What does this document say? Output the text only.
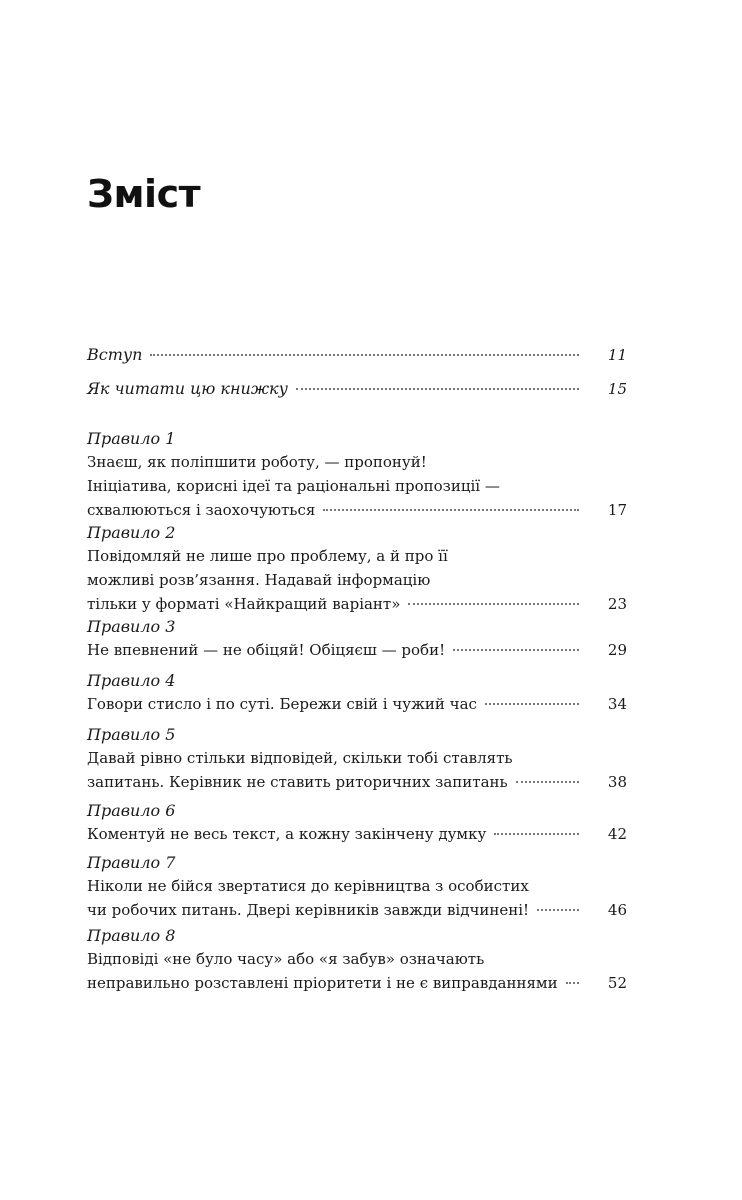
Зміст
Вступ	11
Як читати цю книжку	15
Правило 1
Знаєш, як поліпшити роботу, — пропонуй!
Ініціатива, корисні ідеї та раціональні пропозиції —
схвалюються і заохочуються	17
Правило 2
Повідомляй не лише про проблему, а й про її
можливі розв’язання. Надавай інформацію
тільки у форматі «Найкращий варіант»	23
Правило 3
Не впевнений — не обіцяй! Обіцяєш — роби!	29
Правило 4
Говори стисло і по суті. Бережи свій і чужий час	34
Правило 5
Давай рівно стільки відповідей, скільки тобі ставлять
запитань. Керівник не ставить риторичних запитань	38
Правило 6
Коментуй не весь текст, а кожну закінчену думку	42
Правило 7
Ніколи не бійся звертатися до керівництва з особистих
чи робочих питань. Двері керівників завжди відчинені!	46
Правило 8
Відповіді «не було часу» або «я забув» означають
неправильно розставлені пріоритети і не є виправданнями	52
